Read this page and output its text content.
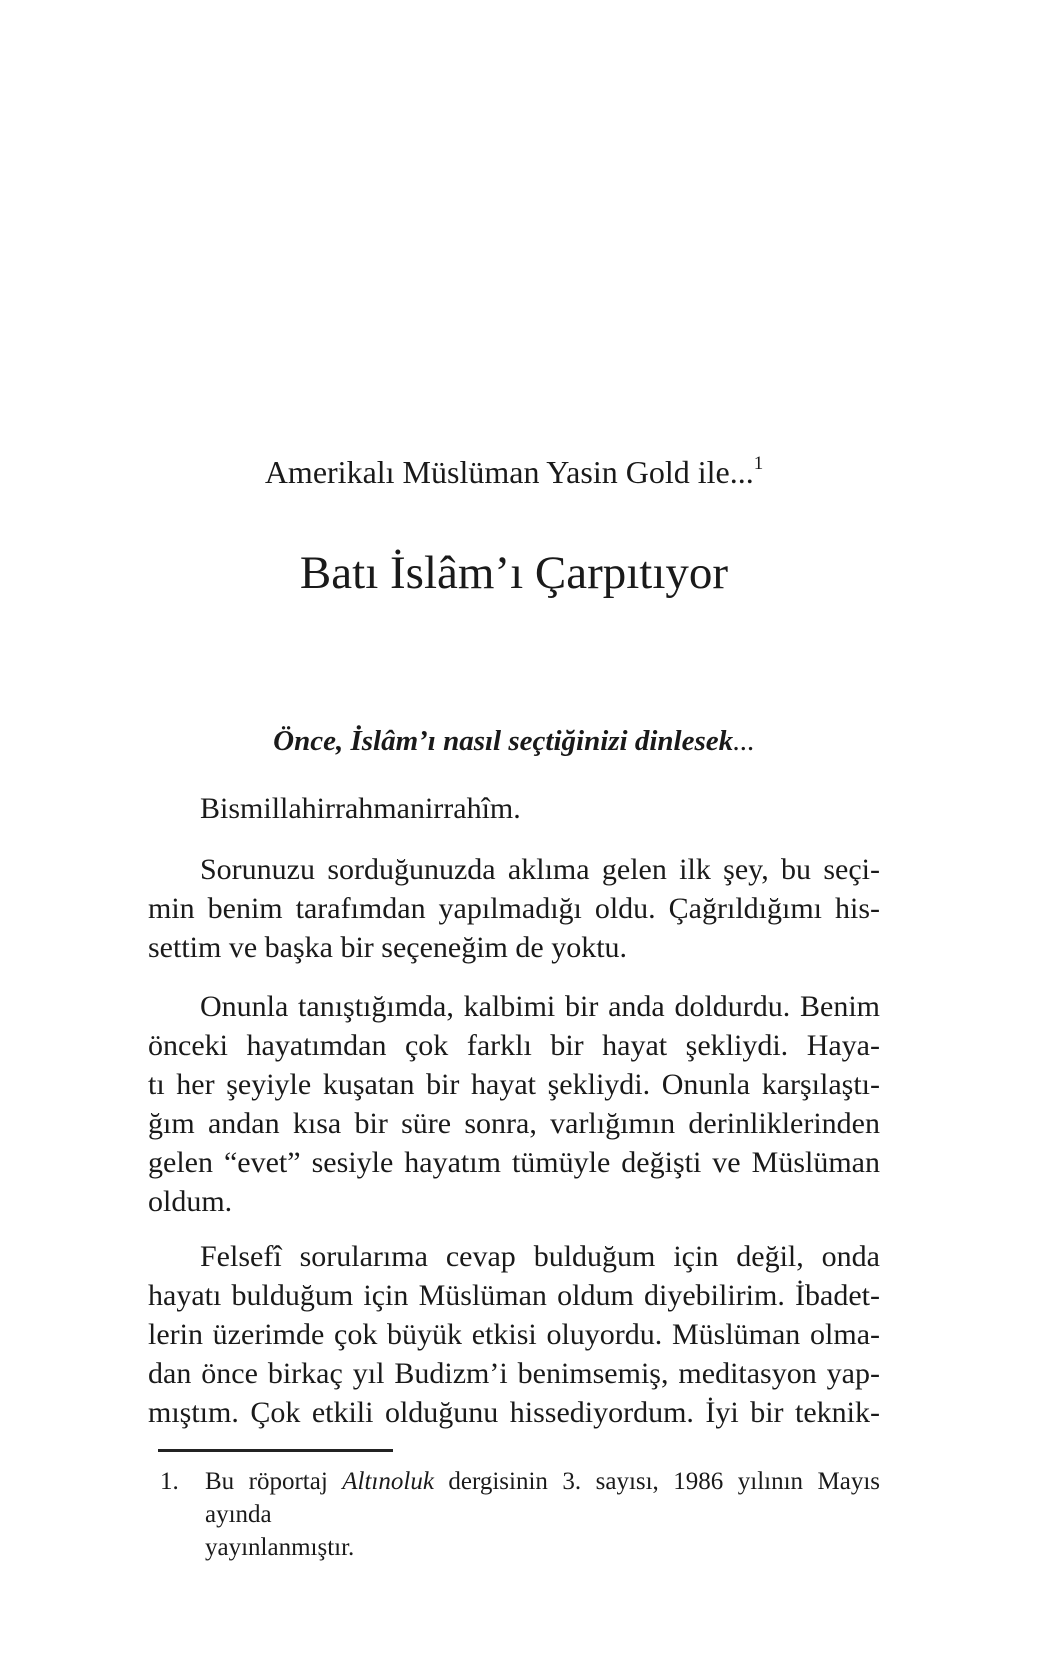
Amerikalı Müslüman Yasin Gold ile...$^1$
Batı İslâm’ı Çarpıtıyor
Önce, İslâm’ı nasıl seçtiğinizi dinlesek...
Bismillahirrahmanirrahîm.
Sorunuzu sorduğunuzda aklıma gelen ilk şey, bu seçi-
min benim tarafımdan yapılmadığı oldu. Çağrıldığımı his-
settim ve başka bir seçeneğim de yoktu.
Onunla tanıştığımda, kalbimi bir anda doldurdu. Benim
önceki hayatımdan çok farklı bir hayat şekliydi. Haya-
tı her şeyiyle kuşatan bir hayat şekliydi. Onunla karşılaştı-
ğım andan kısa bir süre sonra, varlığımın derinliklerinden
gelen “evet” sesiyle hayatım tümüyle değişti ve Müslüman
oldum.
Felsefî sorularıma cevap bulduğum için değil, onda
hayatı bulduğum için Müslüman oldum diyebilirim. İbadet-
lerin üzerimde çok büyük etkisi oluyordu. Müslüman olma-
dan önce birkaç yıl Budizm’i benimsemiş, meditasyon yap-
mıştım. Çok etkili olduğunu hissediyordum. İyi bir teknik-
1.	Bu röportaj Altınoluk dergisinin 3. sayısı, 1986 yılının Mayıs ayında
yayınlanmıştır.
